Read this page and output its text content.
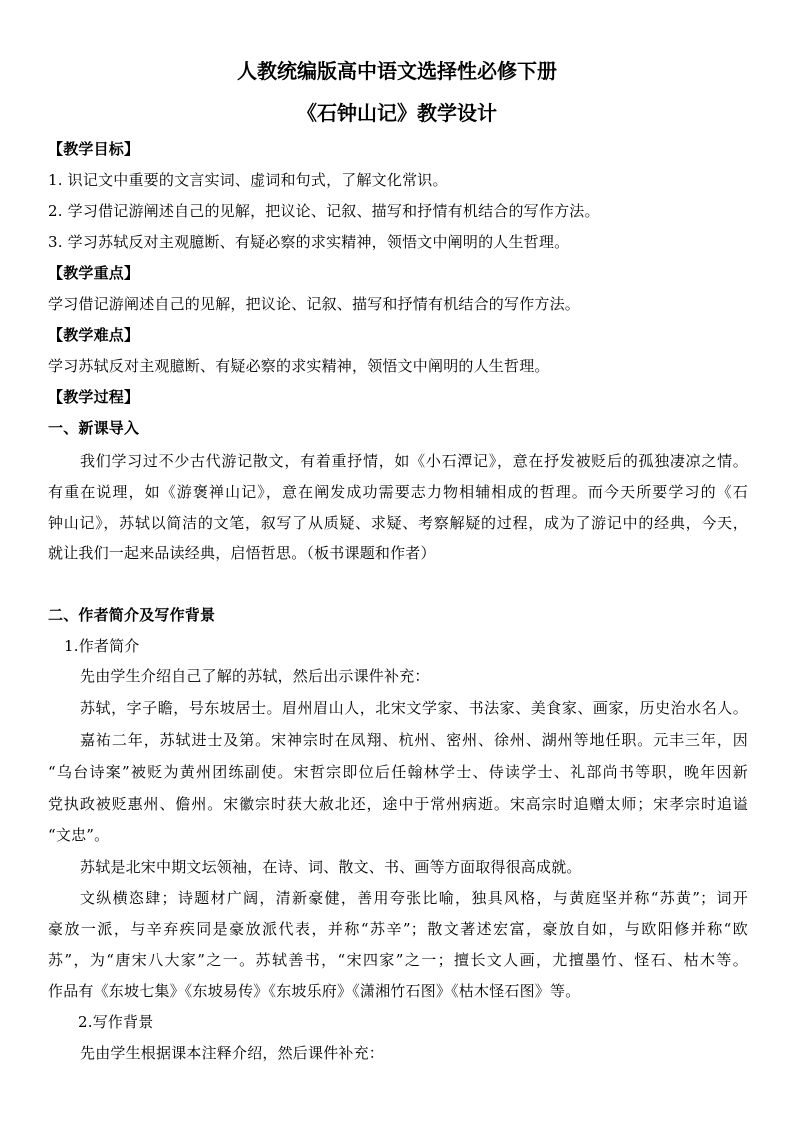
人教统编版高中语文选择性必修下册
《石钟山记》教学设计
【教学目标】
1. 识记文中重要的文言实词、虚词和句式，了解文化常识。
2. 学习借记游阐述自己的见解，把议论、记叙、描写和抒情有机结合的写作方法。
3. 学习苏轼反对主观臆断、有疑必察的求实精神，领悟文中阐明的人生哲理。
【教学重点】
学习借记游阐述自己的见解，把议论、记叙、描写和抒情有机结合的写作方法。
【教学难点】
学习苏轼反对主观臆断、有疑必察的求实精神，领悟文中阐明的人生哲理。
【教学过程】
一、新课导入
我们学习过不少古代游记散文，有着重抒情，如《小石潭记》，意在抒发被贬后的孤独凄凉之情。
有重在说理，如《游褒禅山记》，意在阐发成功需要志力物相辅相成的哲理。而今天所要学习的《石
钟山记》，苏轼以简洁的文笔，叙写了从质疑、求疑、考察解疑的过程，成为了游记中的经典，今天，
就让我们一起来品读经典，启悟哲思。（板书课题和作者）
二、作者简介及写作背景
1.作者简介
先由学生介绍自己了解的苏轼，然后出示课件补充：
苏轼，字子瞻，号东坡居士。眉州眉山人，北宋文学家、书法家、美食家、画家，历史治水名人。
嘉祐二年，苏轼进士及第。宋神宗时在凤翔、杭州、密州、徐州、湖州等地任职。元丰三年，因
“乌台诗案”被贬为黄州团练副使。宋哲宗即位后任翰林学士、侍读学士、礼部尚书等职，晚年因新
党执政被贬惠州、儋州。宋徽宗时获大赦北还，途中于常州病逝。宋高宗时追赠太师；宋孝宗时追谥
“文忠”。
苏轼是北宋中期文坛领袖，在诗、词、散文、书、画等方面取得很高成就。
文纵横恣肆；诗题材广阔，清新豪健，善用夸张比喻，独具风格，与黄庭坚并称“苏黄”；词开
豪放一派，与辛弃疾同是豪放派代表，并称“苏辛”；散文著述宏富，豪放自如，与欧阳修并称“欧
苏”，为“唐宋八大家”之一。苏轼善书，“宋四家”之一；擅长文人画，尤擅墨竹、怪石、枯木等。
作品有《东坡七集》《东坡易传》《东坡乐府》《潇湘竹石图》《枯木怪石图》等。
2.写作背景
先由学生根据课本注释介绍，然后课件补充：
